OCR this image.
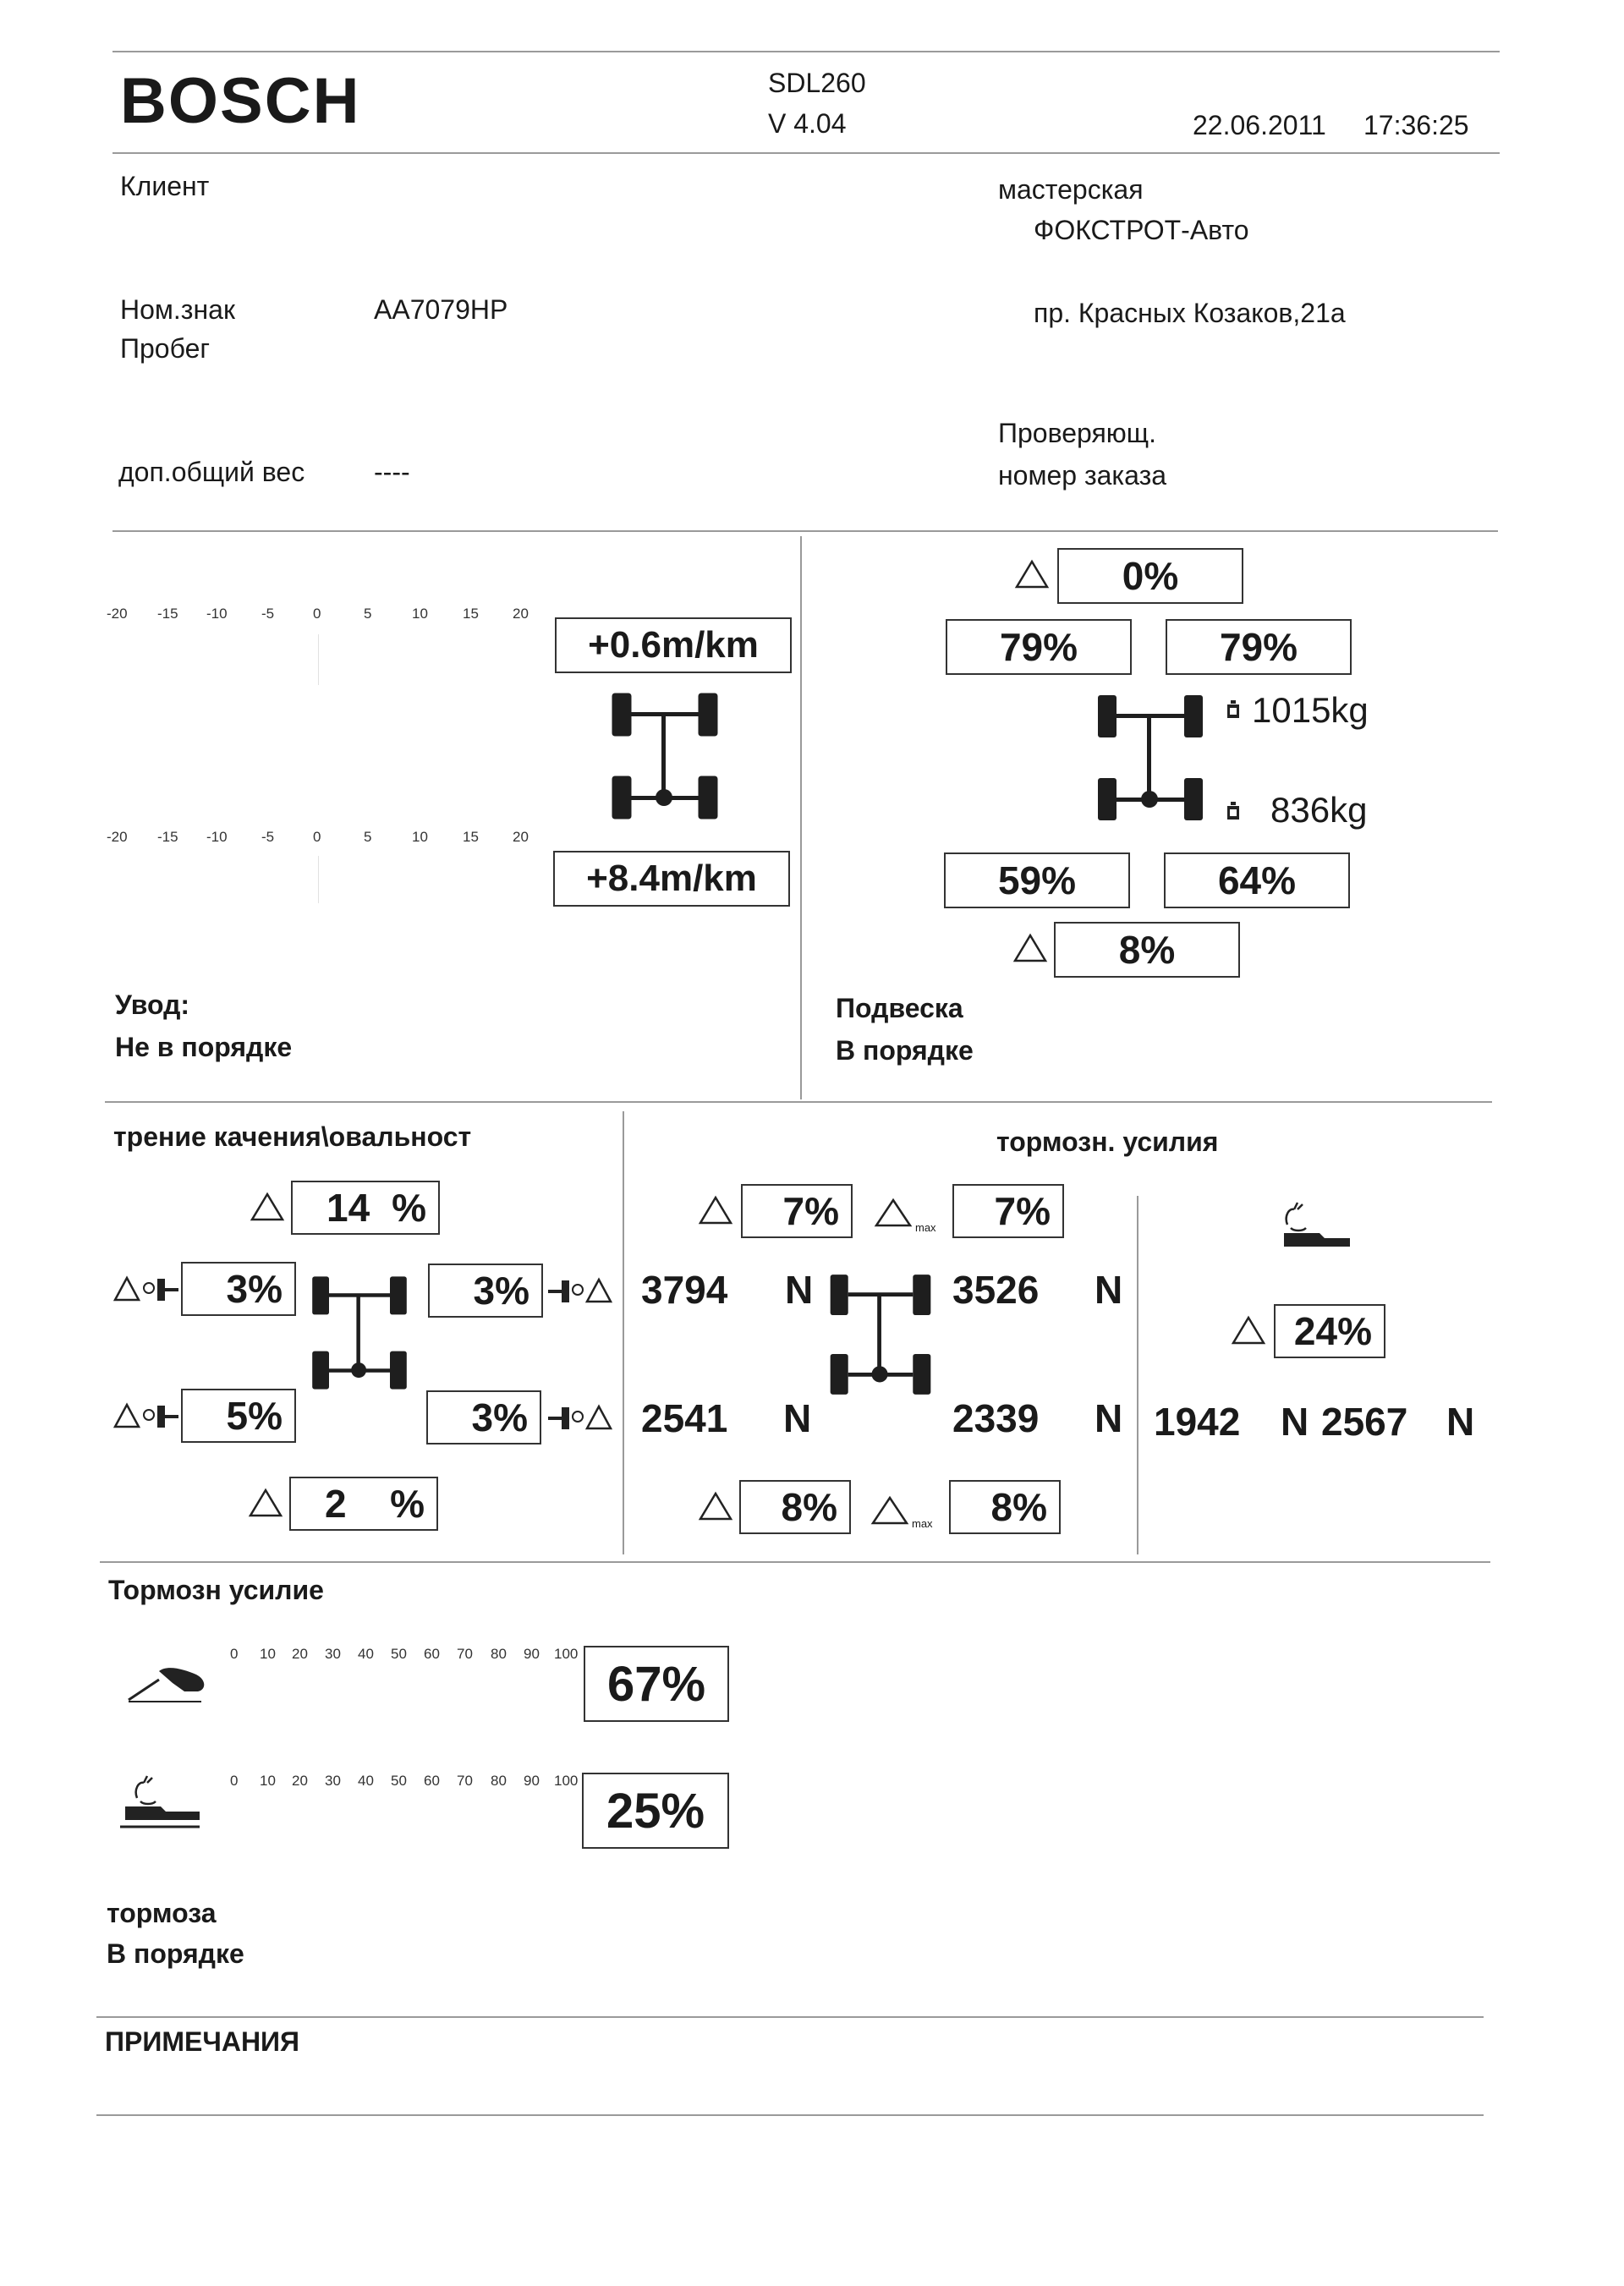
BOSCH	SDL260
V 4.04	22.06.2011 17:36:25
Клиент
Ном.знак	AA7079HP
Пробег
доп.общий вес	----
мастерская
ФОКСТРОТ-Авто
пр. Красных Козаков,21а
Проверяющ.
номер заказа
-20 -15 -10 -5	0	5	10 15 20
-20 -15 -10 -5	0	5	10 15 20
+0.6m/km
+8.4m/km
Увод:
Не в порядке
0%
79%	79%
1015kg
836kg
59%	64%
8%
Подвеска
В порядке
трение качения\овальност
14 %
3%	3%
5%	3%
2 %
тормозн. усилия
7%	max	7%
3794 N	3526 N
2541 N	2339 N
8%	max	8%
24%
1942 N 2567 N
Тормозн усилие
0 10 20 30 40 50 60 70 80 90 100
67%
0 10 20 30 40 50 60 70 80 90 100
25%
тормоза
В порядке
ПРИМЕЧАНИЯ
